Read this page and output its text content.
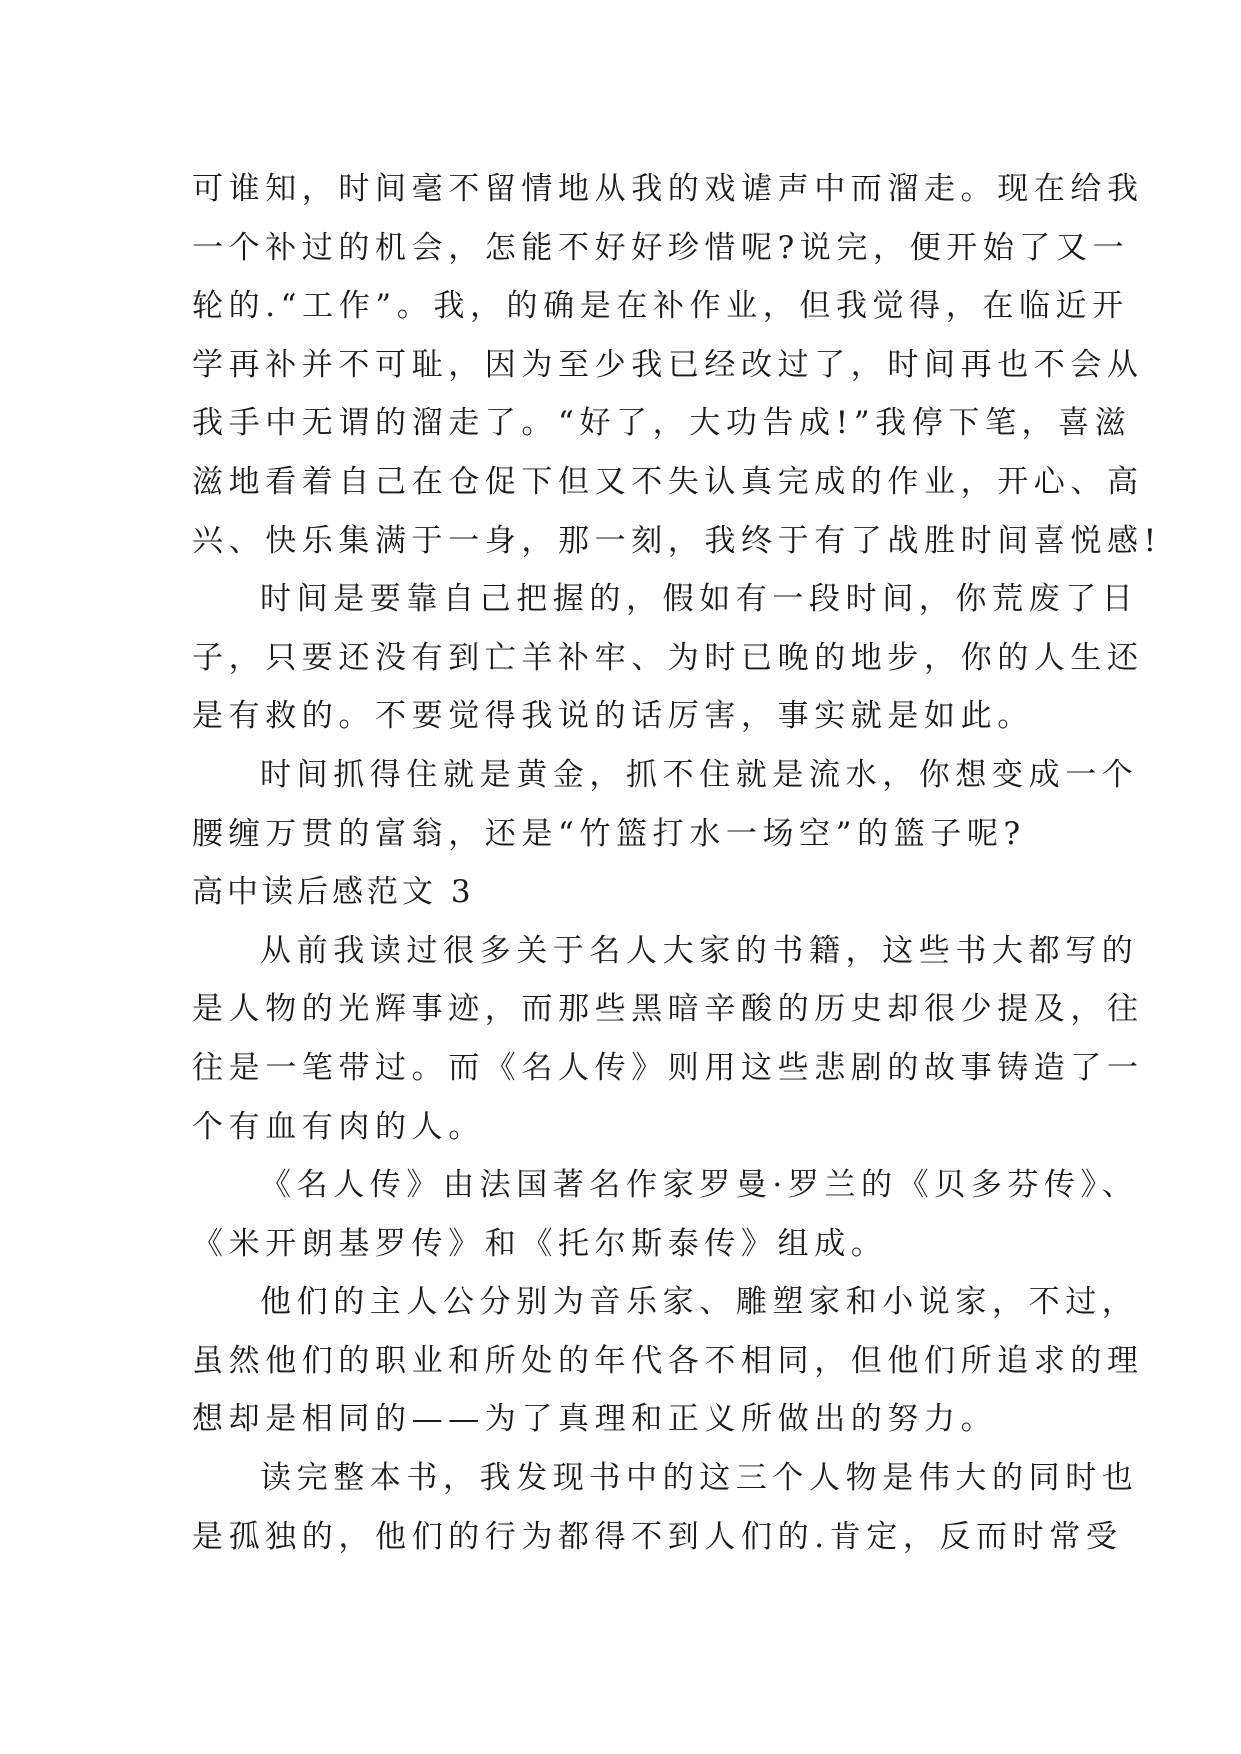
可谁知，时间毫不留情地从我的戏谑声中而溜走。现在给我
一个补过的机会，怎能不好好珍惜呢?说完，便开始了又一
轮的.“工作”。我，的确是在补作业，但我觉得，在临近开
学再补并不可耻，因为至少我已经改过了，时间再也不会从
我手中无谓的溜走了。“好了，大功告成!”我停下笔，喜滋
滋地看着自己在仓促下但又不失认真完成的作业，开心、高
兴、快乐集满于一身，那一刻，我终于有了战胜时间喜悦感!
时间是要靠自己把握的，假如有一段时间，你荒废了日
子，只要还没有到亡羊补牢、为时已晚的地步，你的人生还
是有救的。不要觉得我说的话厉害，事实就是如此。
时间抓得住就是黄金，抓不住就是流水，你想变成一个
腰缠万贯的富翁，还是“竹篮打水一场空”的篮子呢?
高中读后感范文 3
从前我读过很多关于名人大家的书籍，这些书大都写的
是人物的光辉事迹，而那些黑暗辛酸的历史却很少提及，往
往是一笔带过。而《名人传》则用这些悲剧的故事铸造了一
个有血有肉的人。
《名人传》由法国著名作家罗曼·罗兰的《贝多芬传》、
《米开朗基罗传》和《托尔斯泰传》组成。
他们的主人公分别为音乐家、雕塑家和小说家，不过，
虽然他们的职业和所处的年代各不相同，但他们所追求的理
想却是相同的——为了真理和正义所做出的努力。
读完整本书，我发现书中的这三个人物是伟大的同时也
是孤独的，他们的行为都得不到人们的.肯定，反而时常受
